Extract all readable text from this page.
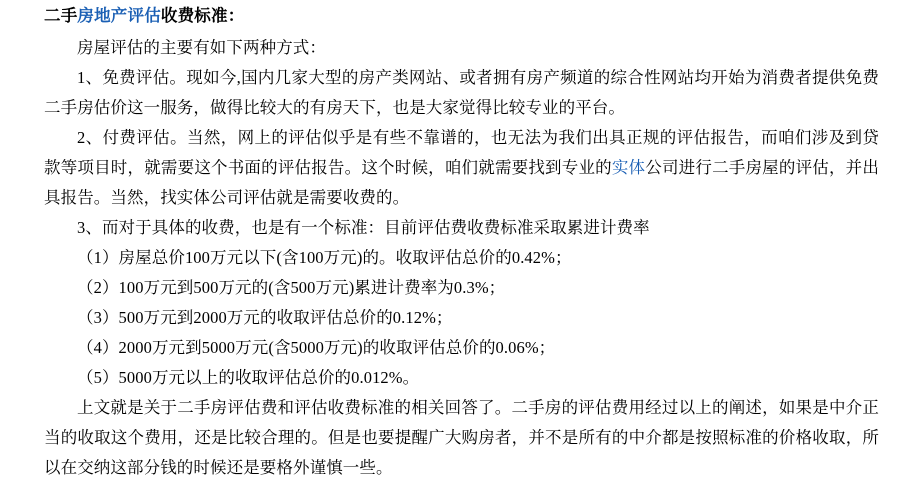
二手房地产评估收费标准：

房屋评估的主要有如下两种方式：

1、免费评估。现如今,国内几家大型的房产类网站、或者拥有房产频道的综合性网站均开始为消费者提供免费二手房估价这一服务，做得比较大的有房天下，也是大家觉得比较专业的平台。

2、付费评估。当然，网上的评估似乎是有些不靠谱的，也无法为我们出具正规的评估报告，而咱们涉及到贷款等项目时，就需要这个书面的评估报告。这个时候，咱们就需要找到专业的实体公司进行二手房屋的评估，并出具报告。当然，找实体公司评估就是需要收费的。

3、而对于具体的收费，也是有一个标准：目前评估费收费标准采取累进计费率

（1）房屋总价100万元以下(含100万元)的。收取评估总价的0.42%；

（2）100万元到500万元的(含500万元)累进计费率为0.3%；

（3）500万元到2000万元的收取评估总价的0.12%；

（4）2000万元到5000万元(含5000万元)的收取评估总价的0.06%；

（5）5000万元以上的收取评估总价的0.012%。

上文就是关于二手房评估费和评估收费标准的相关回答了。二手房的评估费用经过以上的阐述，如果是中介正当的收取这个费用，还是比较合理的。但是也要提醒广大购房者，并不是所有的中介都是按照标准的价格收取，所以在交纳这部分钱的时候还是要格外谨慎一些。
